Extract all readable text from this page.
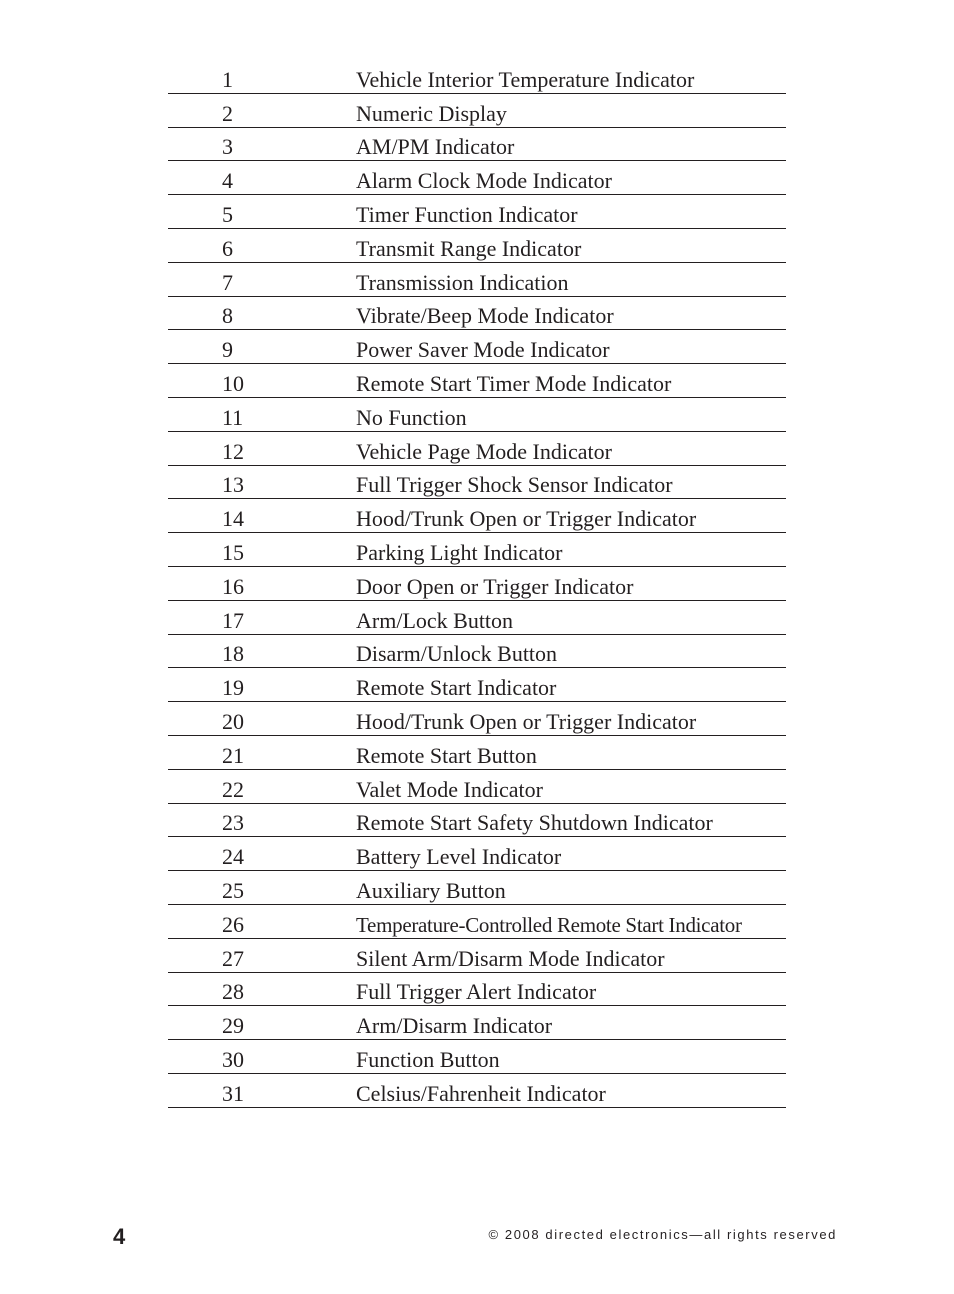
1	Vehicle Interior Temperature Indicator
2	Numeric Display
3	AM/PM Indicator
4	Alarm Clock Mode Indicator
5	Timer Function Indicator
6	Transmit Range Indicator
7	Transmission Indication
8	Vibrate/Beep Mode Indicator
9	Power Saver Mode Indicator
10	Remote Start Timer Mode Indicator
11	No Function
12	Vehicle Page Mode Indicator
13	Full Trigger Shock Sensor Indicator
14	Hood/Trunk Open or Trigger Indicator
15	Parking Light Indicator
16	Door Open or Trigger Indicator
17	Arm/Lock Button
18	Disarm/Unlock Button
19	Remote Start Indicator
20	Hood/Trunk Open or Trigger Indicator
21	Remote Start Button
22	Valet Mode Indicator
23	Remote Start Safety Shutdown Indicator
24	Battery Level Indicator
25	Auxiliary Button
26	Temperature-Controlled Remote Start Indicator
27	Silent Arm/Disarm Mode Indicator
28	Full Trigger Alert Indicator
29	Arm/Disarm Indicator
30	Function Button
31	Celsius/Fahrenheit Indicator
4	© 2008 directed electronics—all rights reserved
